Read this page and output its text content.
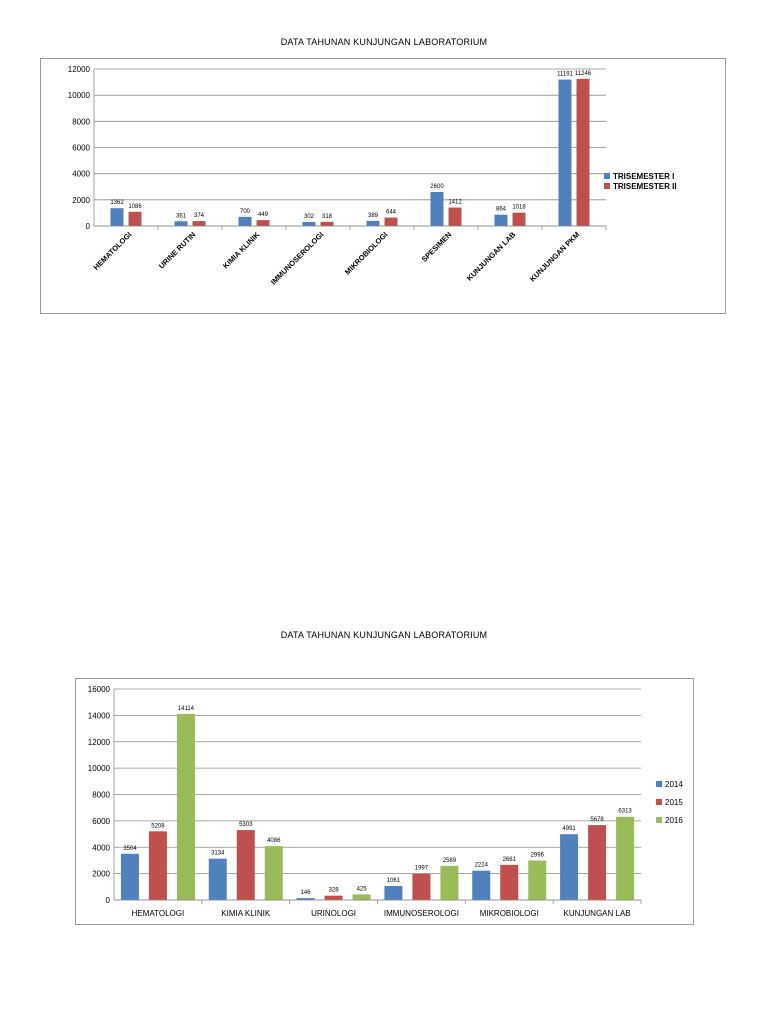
DATA TAHUNAN KUNJUNGAN LABORATORIUM
0
2000
4000
6000
8000
10000
12000
1362
1086
HEMATOLOGI
361 374
URINE RUTIN
700
449
KIMIA KLINIK
302 318
IMMUNOSEROLOGI
389
644
MIKROBIOLOGI
2600
1412
SPESIMEN
864 1018
KUNJUNGAN LAB
11191 11246
KUNJUNGAN PKM
TRISEMESTER I
TRISEMESTER II
DATA TAHUNAN KUNJUNGAN LABORATORIUM
0
2000
4000
6000
8000
10000
12000
14000
16000
3504
5208
14114
HEMATOLOGI
3134
5303
4086
KIMIA KLINIK
146	328	425
URINOLOGI
1061
1997
2589
IMMUNOSEROLOGI
2224
2661
2996
MIKROBIOLOGI
4991
5678
6313
KUNJUNGAN LAB
2014
2015
2016
